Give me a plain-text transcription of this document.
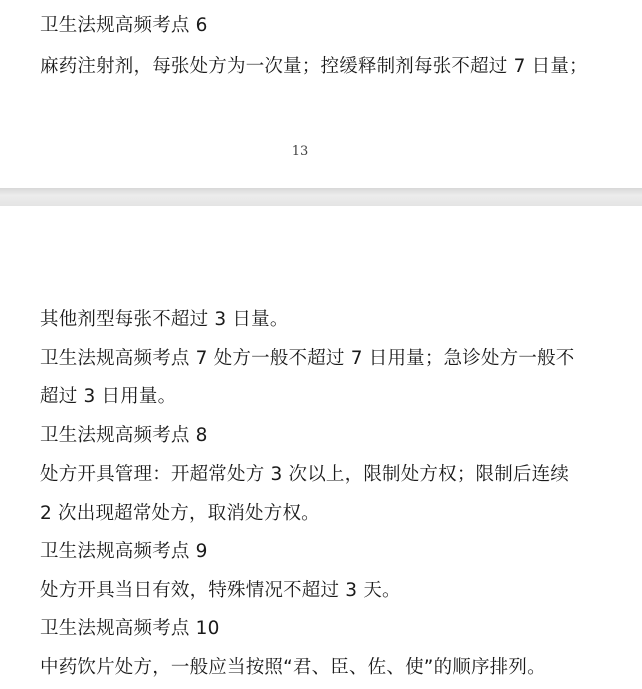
卫生法规高频考点 6
麻药注射剂，每张处方为一次量；控缓释制剂每张不超过 7 日量；
13
其他剂型每张不超过 3 日量。
卫生法规高频考点 7 处方一般不超过 7 日用量；急诊处方一般不
超过 3 日用量。
卫生法规高频考点 8
处方开具管理：开超常处方 3 次以上，限制处方权；限制后连续
2 次出现超常处方，取消处方权。
卫生法规高频考点 9
处方开具当日有效，特殊情况不超过 3 天。
卫生法规高频考点 10
中药饮片处方，一般应当按照“君、臣、佐、使”的顺序排列。
